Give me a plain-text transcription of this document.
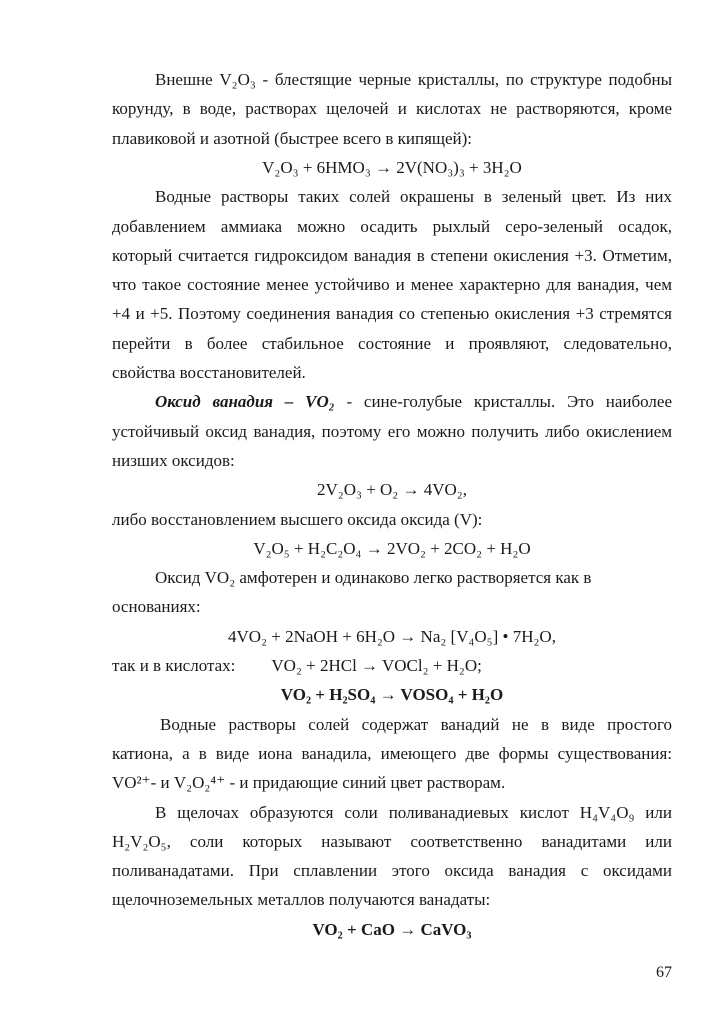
Внешне V₂O₃ - блестящие черные кристаллы, по структуре подобны
корунду, в воде, растворах щелочей и кислотах не растворяются, кроме
плавиковой и азотной (быстрее всего в кипящей):
V₂O₃ + 6HMO₃ → 2V(NO₃)₃ + 3H₂O
Водные растворы таких солей окрашены в зеленый цвет. Из них
добавлением аммиака можно осадить рыхлый серо-зеленый осадок,
который считается гидроксидом ванадия в степени окисления +3. Отметим,
что такое состояние менее устойчиво и менее характерно для ванадия, чем
+4 и +5. Поэтому соединения ванадия со степенью окисления +3 стремятся
перейти в более стабильное состояние и проявляют, следовательно,
свойства восстановителей.
Оксид ванадия – VO₂ - сине-голубые кристаллы. Это наиболее
устойчивый оксид ванадия, поэтому его можно получить либо окислением
низших оксидов:
2V₂O₃ + O₂ → 4VO₂,
либо восстановлением высшего оксида оксида (V):
V₂O₅ + H₂C₂O₄ → 2VO₂ + 2CO₂ + H₂O
Оксид VO₂ амфотерен и одинаково легко растворяется как в
основаниях:
4VO₂ + 2NaOH + 6H₂O → Na₂ [V₄O₅] • 7H₂O,
так и в кислотах: VO₂ + 2HCl → VOCl₂ + H₂O;
VO₂ + H₂SO₄ → VOSO₄ + H₂O
Водные растворы солей содержат ванадий не в виде простого
катиона, а в виде иона ванадила, имеющего две формы существования:
VO²⁺- и V₂O₂⁴⁺ - и придающие синий цвет растворам.
В щелочах образуются соли поливанадиевых кислот H₄V₄O₉ или
H₂V₂O₅, соли которых называют соответственно ванадитами или
поливанадатами. При сплавлении этого оксида ванадия с оксидами
щелочноземельных металлов получаются ванадаты:
VO₂ + CaO → CaVO₃
67
